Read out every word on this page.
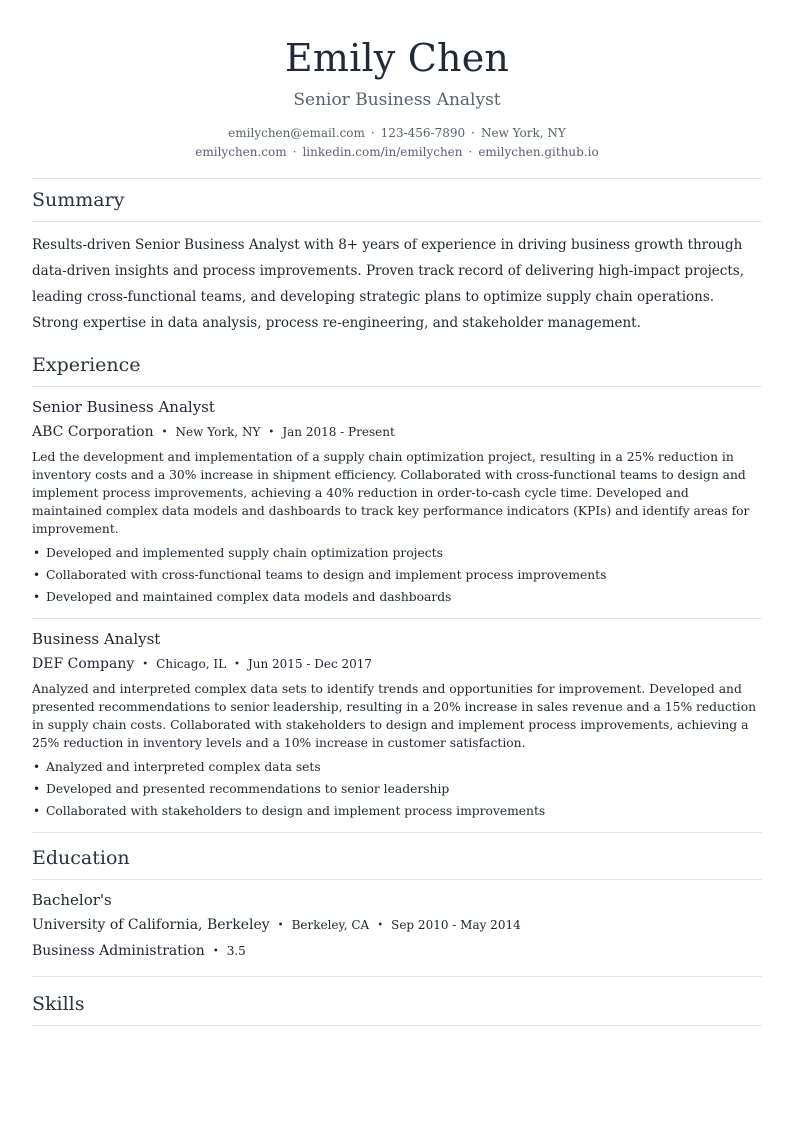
Emily Chen
Senior Business Analyst
emilychen@email.com · 123-456-7890 · New York, NY
emilychen.com · linkedin.com/in/emilychen · emilychen.github.io
Summary
Results-driven Senior Business Analyst with 8+ years of experience in driving business growth through data-driven insights and process improvements. Proven track record of delivering high-impact projects, leading cross-functional teams, and developing strategic plans to optimize supply chain operations. Strong expertise in data analysis, process re-engineering, and stakeholder management.
Experience
Senior Business Analyst
ABC Corporation • New York, NY • Jan 2018 - Present
Led the development and implementation of a supply chain optimization project, resulting in a 25% reduction in inventory costs and a 30% increase in shipment efficiency. Collaborated with cross-functional teams to design and implement process improvements, achieving a 40% reduction in order-to-cash cycle time. Developed and maintained complex data models and dashboards to track key performance indicators (KPIs) and identify areas for improvement.
• Developed and implemented supply chain optimization projects
• Collaborated with cross-functional teams to design and implement process improvements
• Developed and maintained complex data models and dashboards
Business Analyst
DEF Company • Chicago, IL • Jun 2015 - Dec 2017
Analyzed and interpreted complex data sets to identify trends and opportunities for improvement. Developed and presented recommendations to senior leadership, resulting in a 20% increase in sales revenue and a 15% reduction in supply chain costs. Collaborated with stakeholders to design and implement process improvements, achieving a 25% reduction in inventory levels and a 10% increase in customer satisfaction.
• Analyzed and interpreted complex data sets
• Developed and presented recommendations to senior leadership
• Collaborated with stakeholders to design and implement process improvements
Education
Bachelor's
University of California, Berkeley • Berkeley, CA • Sep 2010 - May 2014
Business Administration • 3.5
Skills
